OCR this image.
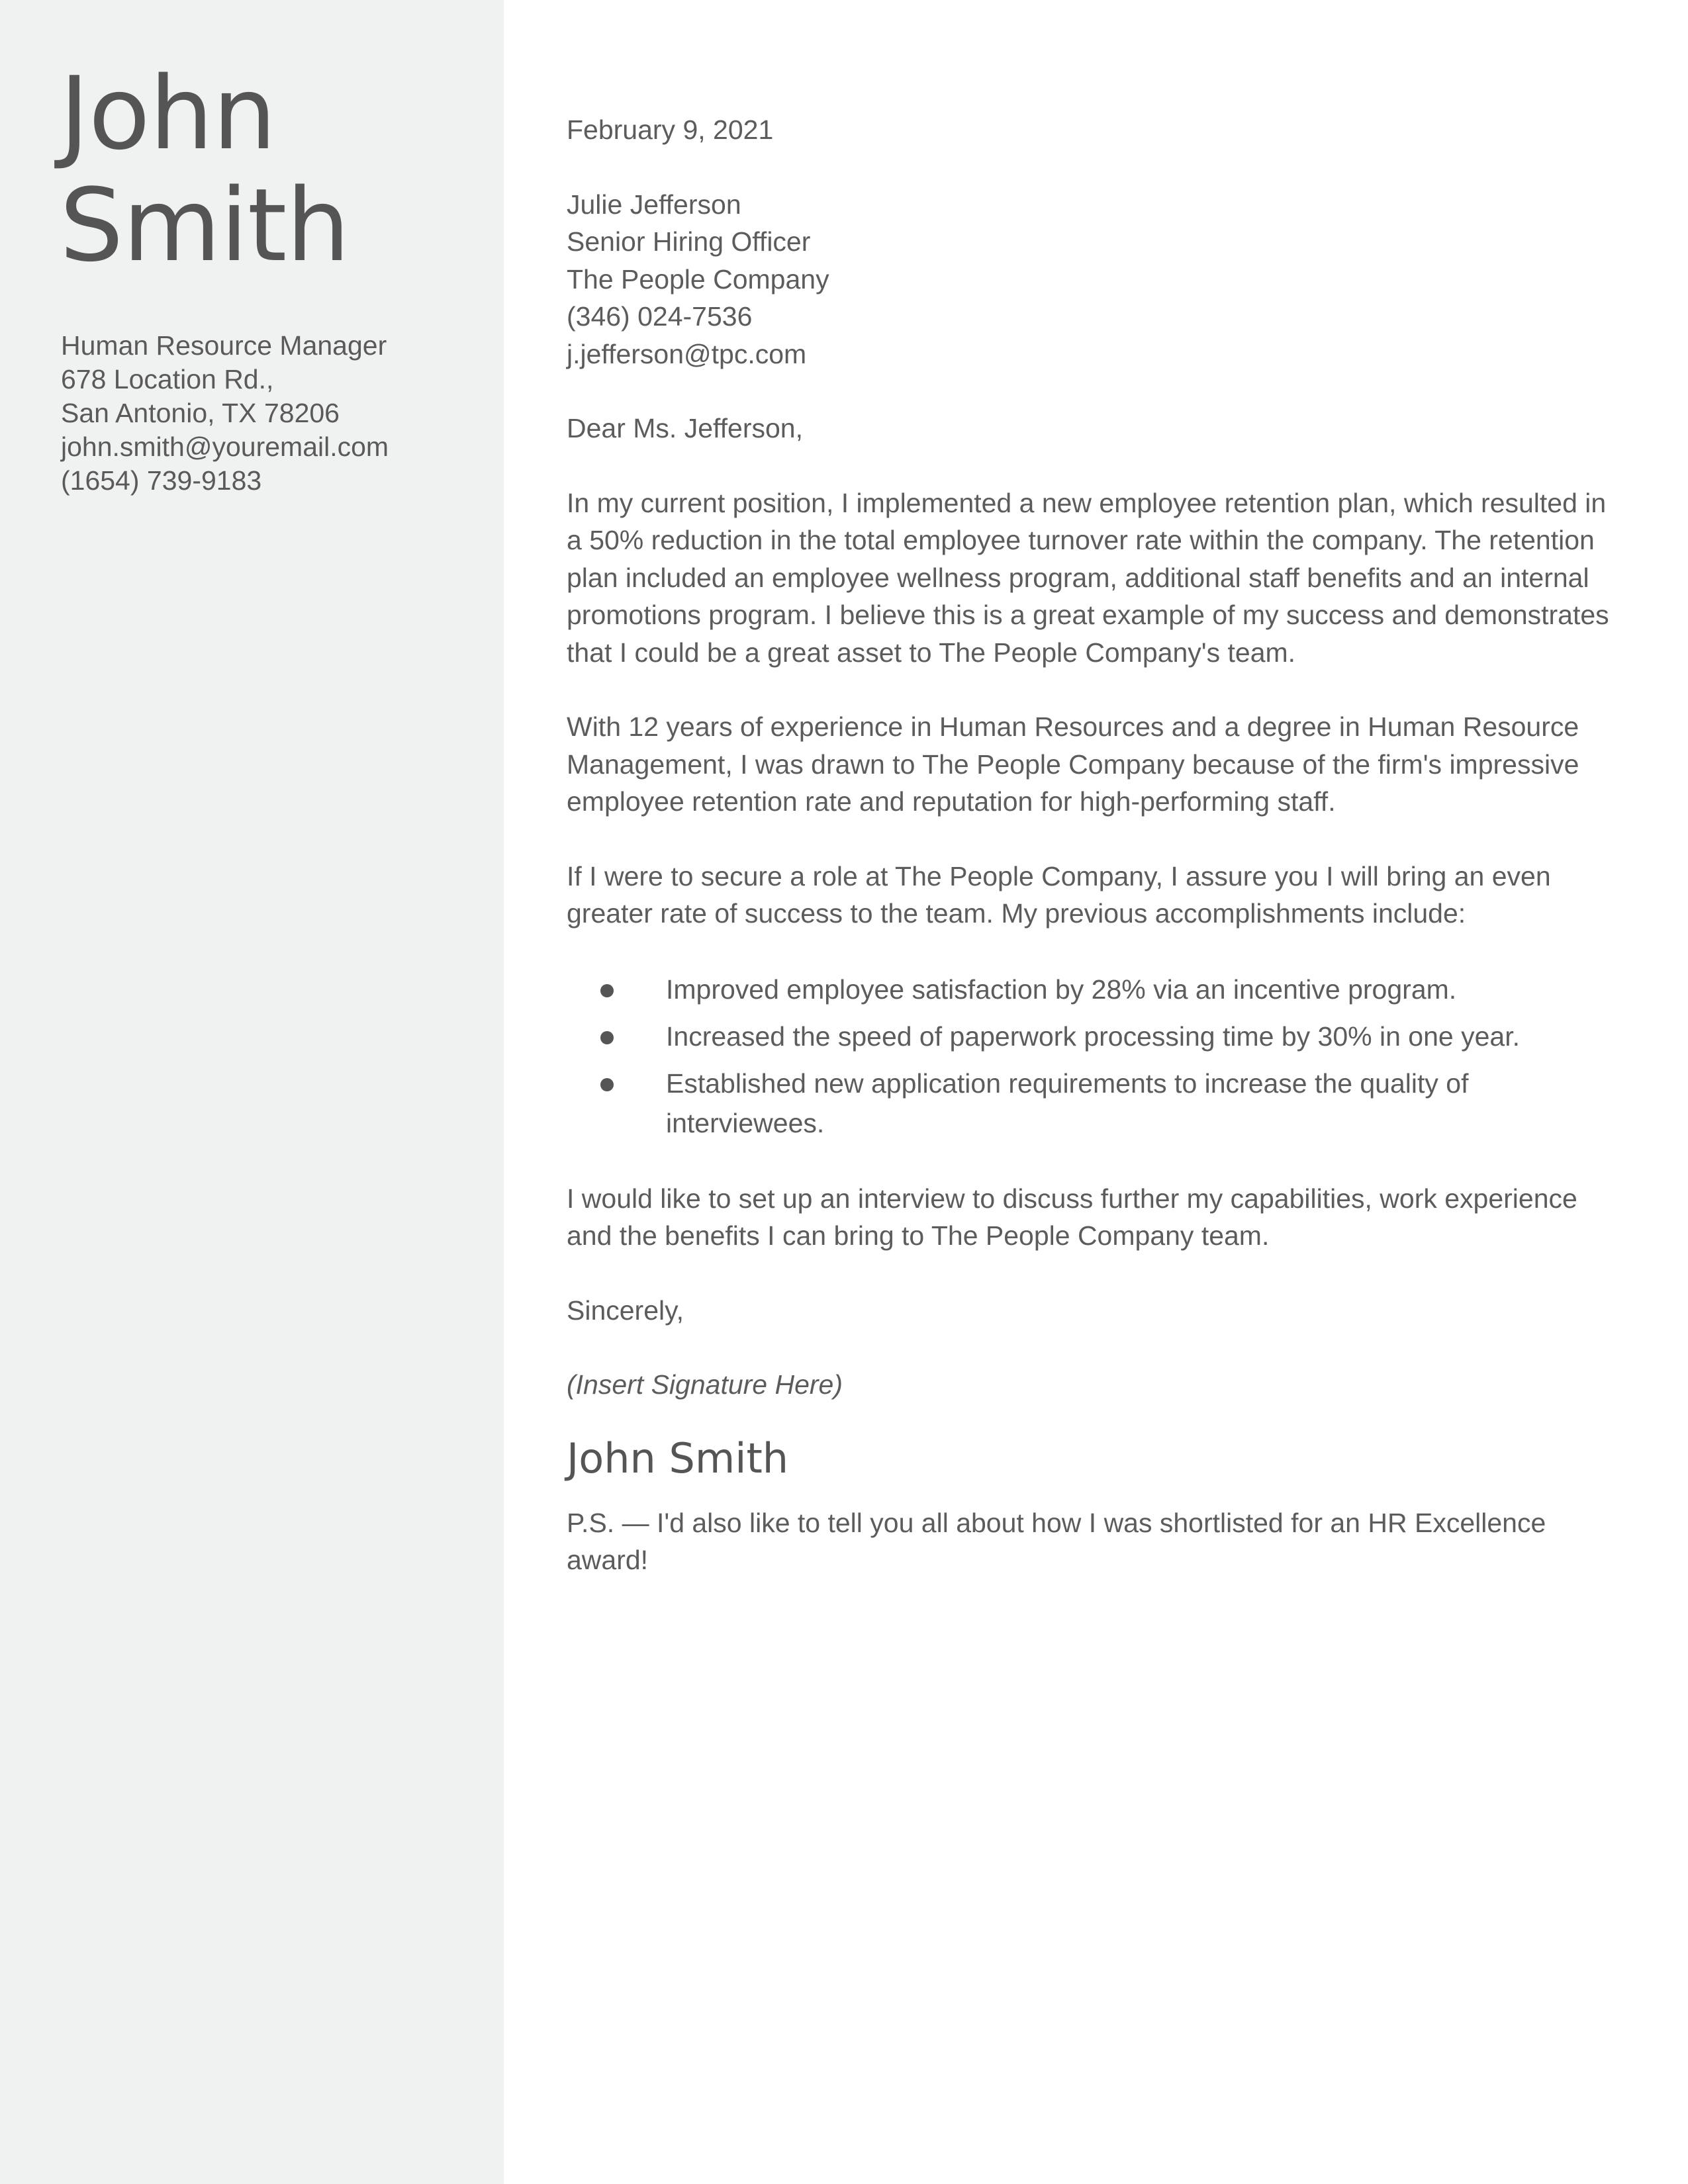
John
Smith
Human Resource Manager
678 Location Rd.,
San Antonio, TX 78206
john.smith@youremail.com
(1654) 739-9183

February 9, 2021

Julie Jefferson
Senior Hiring Officer
The People Company
(346) 024-7536
j.jefferson@tpc.com

Dear Ms. Jefferson,

In my current position, I implemented a new employee retention plan, which resulted in a 50% reduction in the total employee turnover rate within the company. The retention plan included an employee wellness program, additional staff benefits and an internal promotions program. I believe this is a great example of my success and demonstrates that I could be a great asset to The People Company's team.

With 12 years of experience in Human Resources and a degree in Human Resource Management, I was drawn to The People Company because of the firm's impressive employee retention rate and reputation for high-performing staff.

If I were to secure a role at The People Company, I assure you I will bring an even greater rate of success to the team. My previous accomplishments include:

Improved employee satisfaction by 28% via an incentive program.
Increased the speed of paperwork processing time by 30% in one year.
Established new application requirements to increase the quality of interviewees.

I would like to set up an interview to discuss further my capabilities, work experience and the benefits I can bring to The People Company team.

Sincerely,

(Insert Signature Here)

John Smith

P.S. — I'd also like to tell you all about how I was shortlisted for an HR Excellence award!
